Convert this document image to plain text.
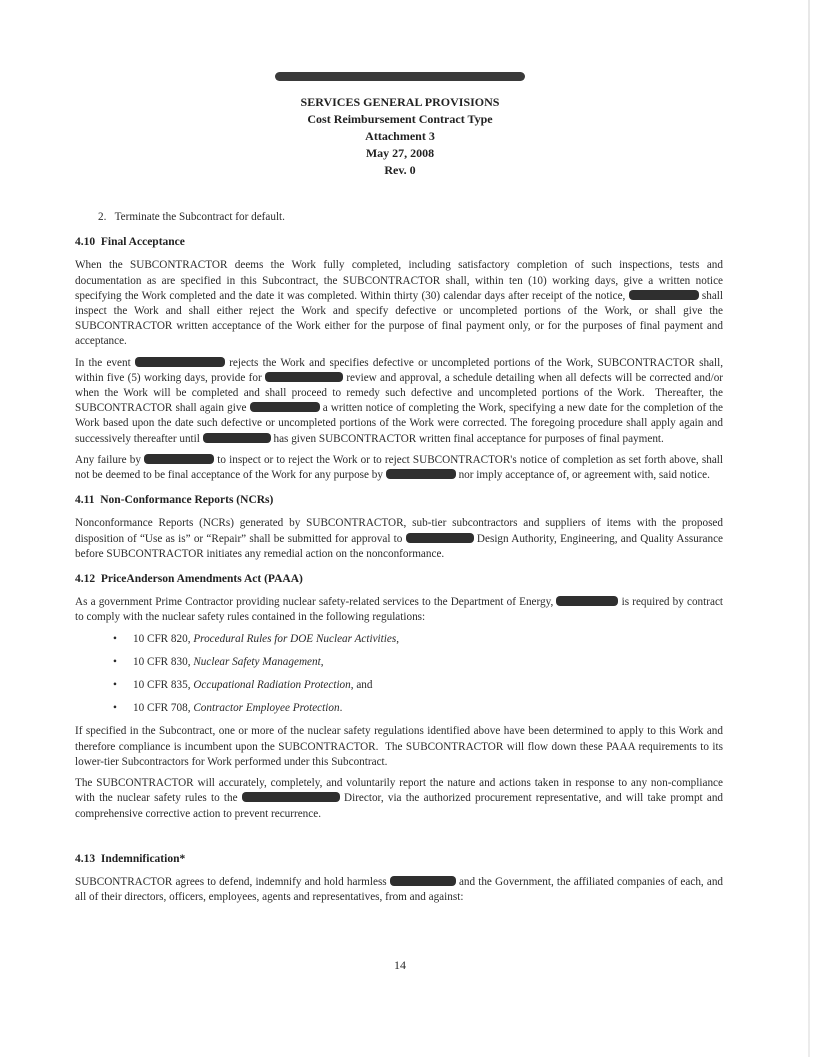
SERVICES GENERAL PROVISIONS
Cost Reimbursement Contract Type
Attachment 3
May 27, 2008
Rev. 0

2.   Terminate the Subcontract for default.

4.10  Final Acceptance

When the SUBCONTRACTOR deems the Work fully completed, including satisfactory completion of such inspections, tests and documentation as are specified in this Subcontract, the SUBCONTRACTOR shall, within ten (10) working days, give a written notice specifying the Work completed and the date it was completed. Within thirty (30) calendar days after receipt of the notice,	shall inspect the Work and shall either reject the Work and specify defective or uncompleted portions of the Work, or shall give the SUBCONTRACTOR written acceptance of the Work either for the purpose of final payment only, or for the purposes of final payment and acceptance.

In the event	rejects the Work and specifies defective or uncompleted portions of the Work, SUBCONTRACTOR shall, within five (5) working days, provide for	review and approval, a schedule detailing when all defects will be corrected and/or when the Work will be completed and shall proceed to remedy such defective and uncompleted portions of the Work.  Thereafter, the SUBCONTRACTOR shall again give	a written notice of completing the Work, specifying a new date for the completion of the Work based upon the date such defective or uncompleted portions of the Work were corrected. The foregoing procedure shall apply again and successively thereafter until	has given SUBCONTRACTOR written final acceptance for purposes of final payment.

Any failure by	to inspect or to reject the Work or to reject SUBCONTRACTOR's notice of completion as set forth above, shall not be deemed to be final acceptance of the Work for any purpose by	nor imply acceptance of, or agreement with, said notice.

4.11  Non-Conformance Reports (NCRs)

Nonconformance Reports (NCRs) generated by SUBCONTRACTOR, sub-tier subcontractors and suppliers of items with the proposed disposition of “Use as is” or “Repair” shall be submitted for approval to	Design Authority, Engineering, and Quality Assurance before SUBCONTRACTOR initiates any remedial action on the nonconformance.

4.12  PriceAnderson Amendments Act (PAAA)

As a government Prime Contractor providing nuclear safety-related services to the Department of Energy,	is required by contract to comply with the nuclear safety rules contained in the following regulations:

• 10 CFR 820, Procedural Rules for DOE Nuclear Activities,
• 10 CFR 830, Nuclear Safety Management,
• 10 CFR 835, Occupational Radiation Protection, and
• 10 CFR 708, Contractor Employee Protection.

If specified in the Subcontract, one or more of the nuclear safety regulations identified above have been determined to apply to this Work and therefore compliance is incumbent upon the SUBCONTRACTOR.  The SUBCONTRACTOR will flow down these PAAA requirements to its lower-tier Subcontractors for Work performed under this Subcontract.

The SUBCONTRACTOR will accurately, completely, and voluntarily report the nature and actions taken in response to any non-compliance with the nuclear safety rules to the	Director, via the authorized procurement representative, and will take prompt and comprehensive corrective action to prevent recurrence.

4.13  Indemnification*

SUBCONTRACTOR agrees to defend, indemnify and hold harmless	and the Government, the affiliated companies of each, and all of their directors, officers, employees, agents and representatives, from and against:

14
